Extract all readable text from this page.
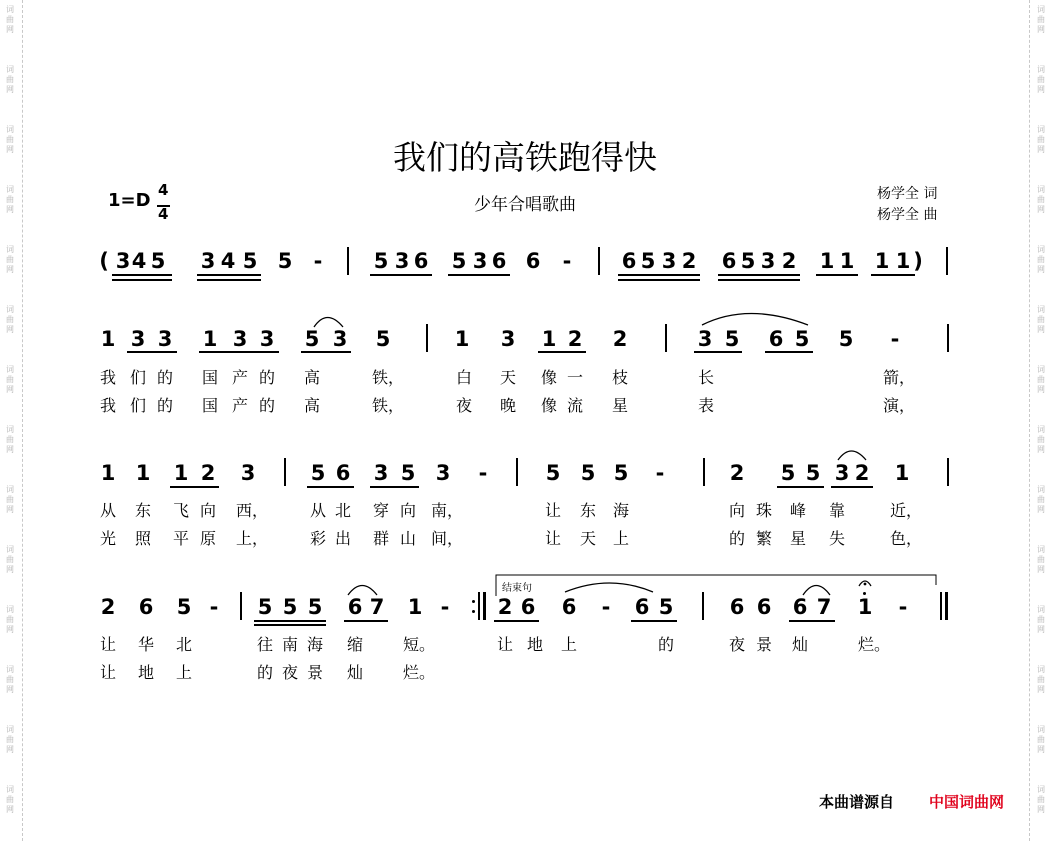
词
曲
网
词
曲
网
词
曲
网
词
曲
网
词
曲
网
词
曲
网
词
曲
网
词
曲
网
词
曲
网
词
曲
网
词
曲
网
词
曲
网
词
曲
网
词
曲
网
词
曲
网
词
曲
网
词
曲
网
词
曲
网
词
曲
网
词
曲
网
词
曲
网
词
曲
网
词
曲
网
词
曲
网
词
曲
网
词
曲
网
词
曲
网
词
曲
网
我们的高铁跑得快
少年合唱歌曲
杨学全 词
杨学全 曲
1=D 4
4
3 4 5 3 4 5 5 - 5 3 6 5 3 6 6 - 6 5 3 2 6 5 3 2 1 1 1 1
1 3 3 1 3 3 5 3 5	1 3 1 2 2	3 5 6 5 5 -
1 1 1 2 3	5 6 3 5 3 -	5 5 5 -	2 5 5 3 2 1
2 6 5 - 5 5 5 6 7 1 - 2 6 6 - 6 5	6 6 6 7 1 -
(	)
我 们 的 国 产 的 高	铁，	白 天 像 一 枝	长	箭，
我 们 的 国 产 的 高	铁，	夜 晚 像 流 星	表	演，
从 东 飞 向 西，	从 北 穿 向 南，	让 东 海	向 珠 峰 靠	近，
光 照 平 原 上，	彩 出 群 山 间，	让 天 上	的 繁 星 失	色，
让 华 北	往 南 海 缩	短。	让 地 上	的	夜 景 灿	烂。
让 地 上	的 夜 景 灿	烂。
结束句
本曲谱源自 中国词曲网
